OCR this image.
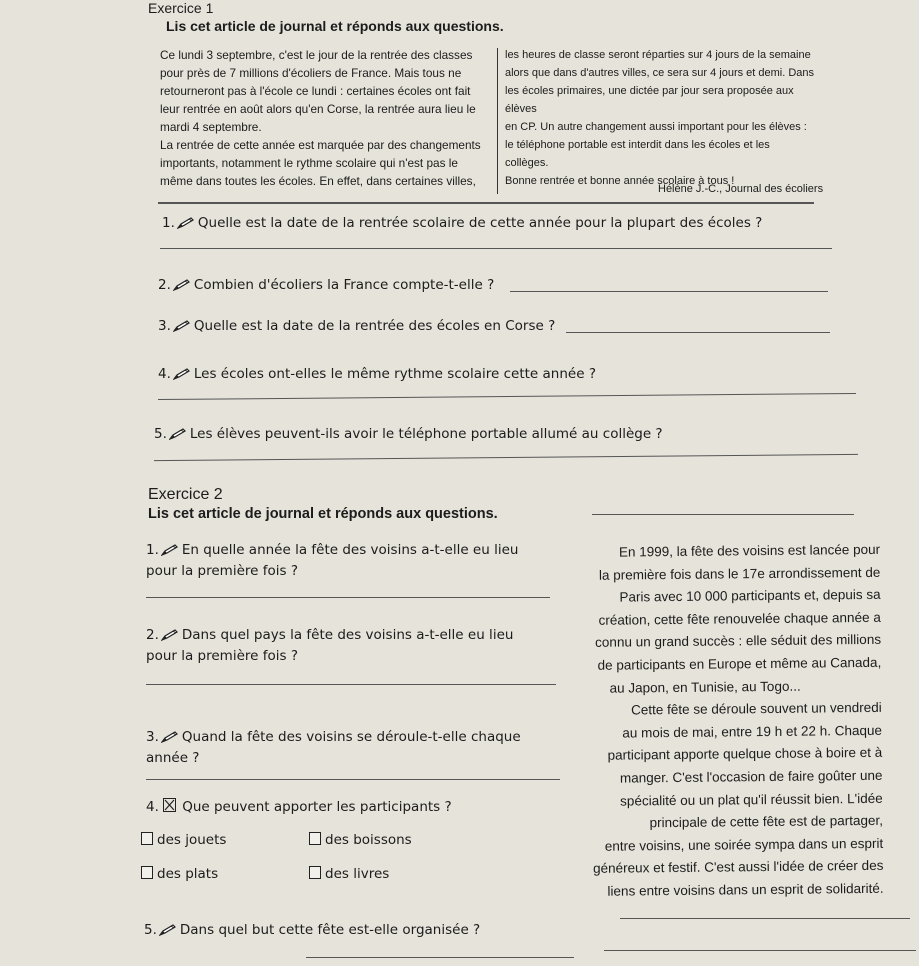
Exercice 1
Lis cet article de journal et réponds aux questions.
Ce lundi 3 septembre, c'est le jour de la rentrée des classes
pour près de 7 millions d'écoliers de France. Mais tous ne
retourneront pas à l'école ce lundi : certaines écoles ont fait
leur rentrée en août alors qu'en Corse, la rentrée aura lieu le
mardi 4 septembre.
La rentrée de cette année est marquée par des changements
importants, notamment le rythme scolaire qui n'est pas le
même dans toutes les écoles. En effet, dans certaines villes,
les heures de classe seront réparties sur 4 jours de la semaine
alors que dans d'autres villes, ce sera sur 4 jours et demi. Dans
les écoles primaires, une dictée par jour sera proposée aux élèves
en CP. Un autre changement aussi important pour les élèves :
le téléphone portable est interdit dans les écoles et les collèges.
Bonne rentrée et bonne année scolaire à tous !
Hélène J.-C., Journal des écoliers
1. Quelle est la date de la rentrée scolaire de cette année pour la plupart des écoles ?
2. Combien d'écoliers la France compte-t-elle ?
3. Quelle est la date de la rentrée des écoles en Corse ?
4. Les écoles ont-elles le même rythme scolaire cette année ?
5. Les élèves peuvent-ils avoir le téléphone portable allumé au collège ?
Exercice 2
Lis cet article de journal et réponds aux questions.
1. En quelle année la fête des voisins a-t-elle eu lieu
pour la première fois ?
2. Dans quel pays la fête des voisins a-t-elle eu lieu
pour la première fois ?
3. Quand la fête des voisins se déroule-t-elle chaque
année ?
4. Que peuvent apporter les participants ?
des jouets	des boissons
des plats	des livres
5. Dans quel but cette fête est-elle organisée ?
En 1999, la fête des voisins est lancée pour
la première fois dans le 17e arrondissement de
Paris avec 10 000 participants et, depuis sa
création, cette fête renouvelée chaque année a
connu un grand succès : elle séduit des millions
de participants en Europe et même au Canada,
au Japon, en Tunisie, au Togo...
Cette fête se déroule souvent un vendredi
au mois de mai, entre 19 h et 22 h. Chaque
participant apporte quelque chose à boire et à
manger. C'est l'occasion de faire goûter une
spécialité ou un plat qu'il réussit bien. L'idée
principale de cette fête est de partager,
entre voisins, une soirée sympa dans un esprit
généreux et festif. C'est aussi l'idée de créer des
liens entre voisins dans un esprit de solidarité.
